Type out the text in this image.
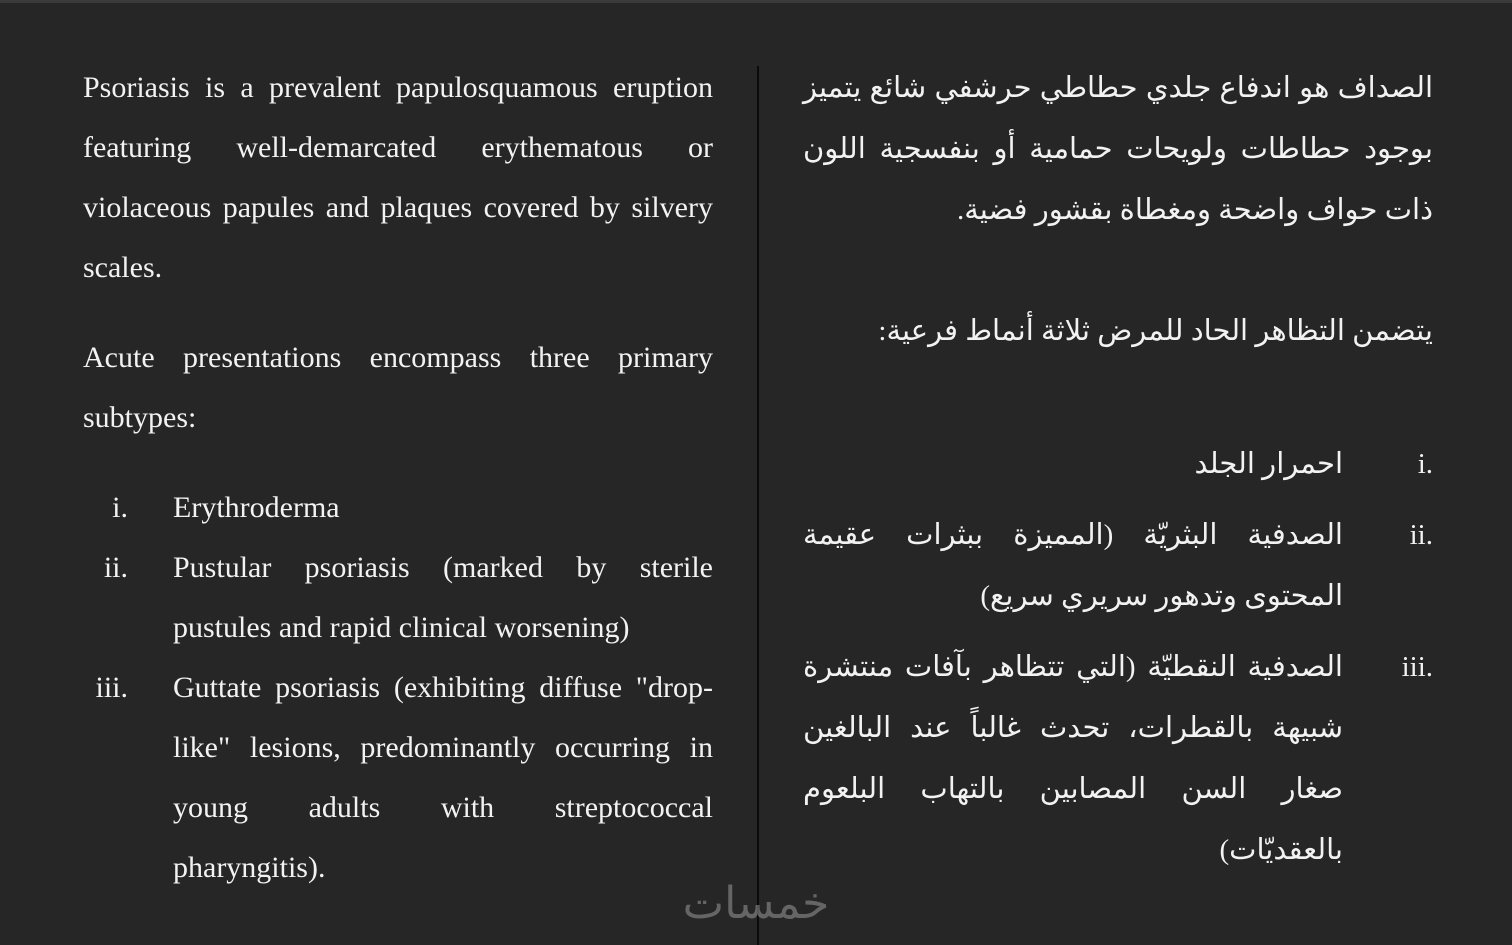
Psoriasis is a prevalent papulosquamous eruption featuring well-demarcated erythematous or violaceous papules and plaques covered by silvery scales.

Acute presentations encompass three primary subtypes:

i. Erythroderma
ii. Pustular psoriasis (marked by sterile pustules and rapid clinical worsening)
iii. Guttate psoriasis (exhibiting diffuse "drop-like" lesions, predominantly occurring in young adults with streptococcal pharyngitis).

الصداف هو اندفاع جلدي حطاطي حرشفي شائع يتميز بوجود حطاطات ولويحات حمامية أو بنفسجية اللون ذات حواف واضحة ومغطاة بقشور فضية.

يتضمن التظاهر الحاد للمرض ثلاثة أنماط فرعية:

i.
احمرار الجلد
ii.
الصدفية البثريّة (المميزة ببثرات عقيمة المحتوى وتدهور سريري سريع)
iii.
الصدفية النقطيّة (التي تتظاهر بآفات منتشرة شبيهة بالقطرات، تحدث غالباً عند البالغين صغار السن المصابين بالتهاب البلعوم بالعقديّات)
خمسات
